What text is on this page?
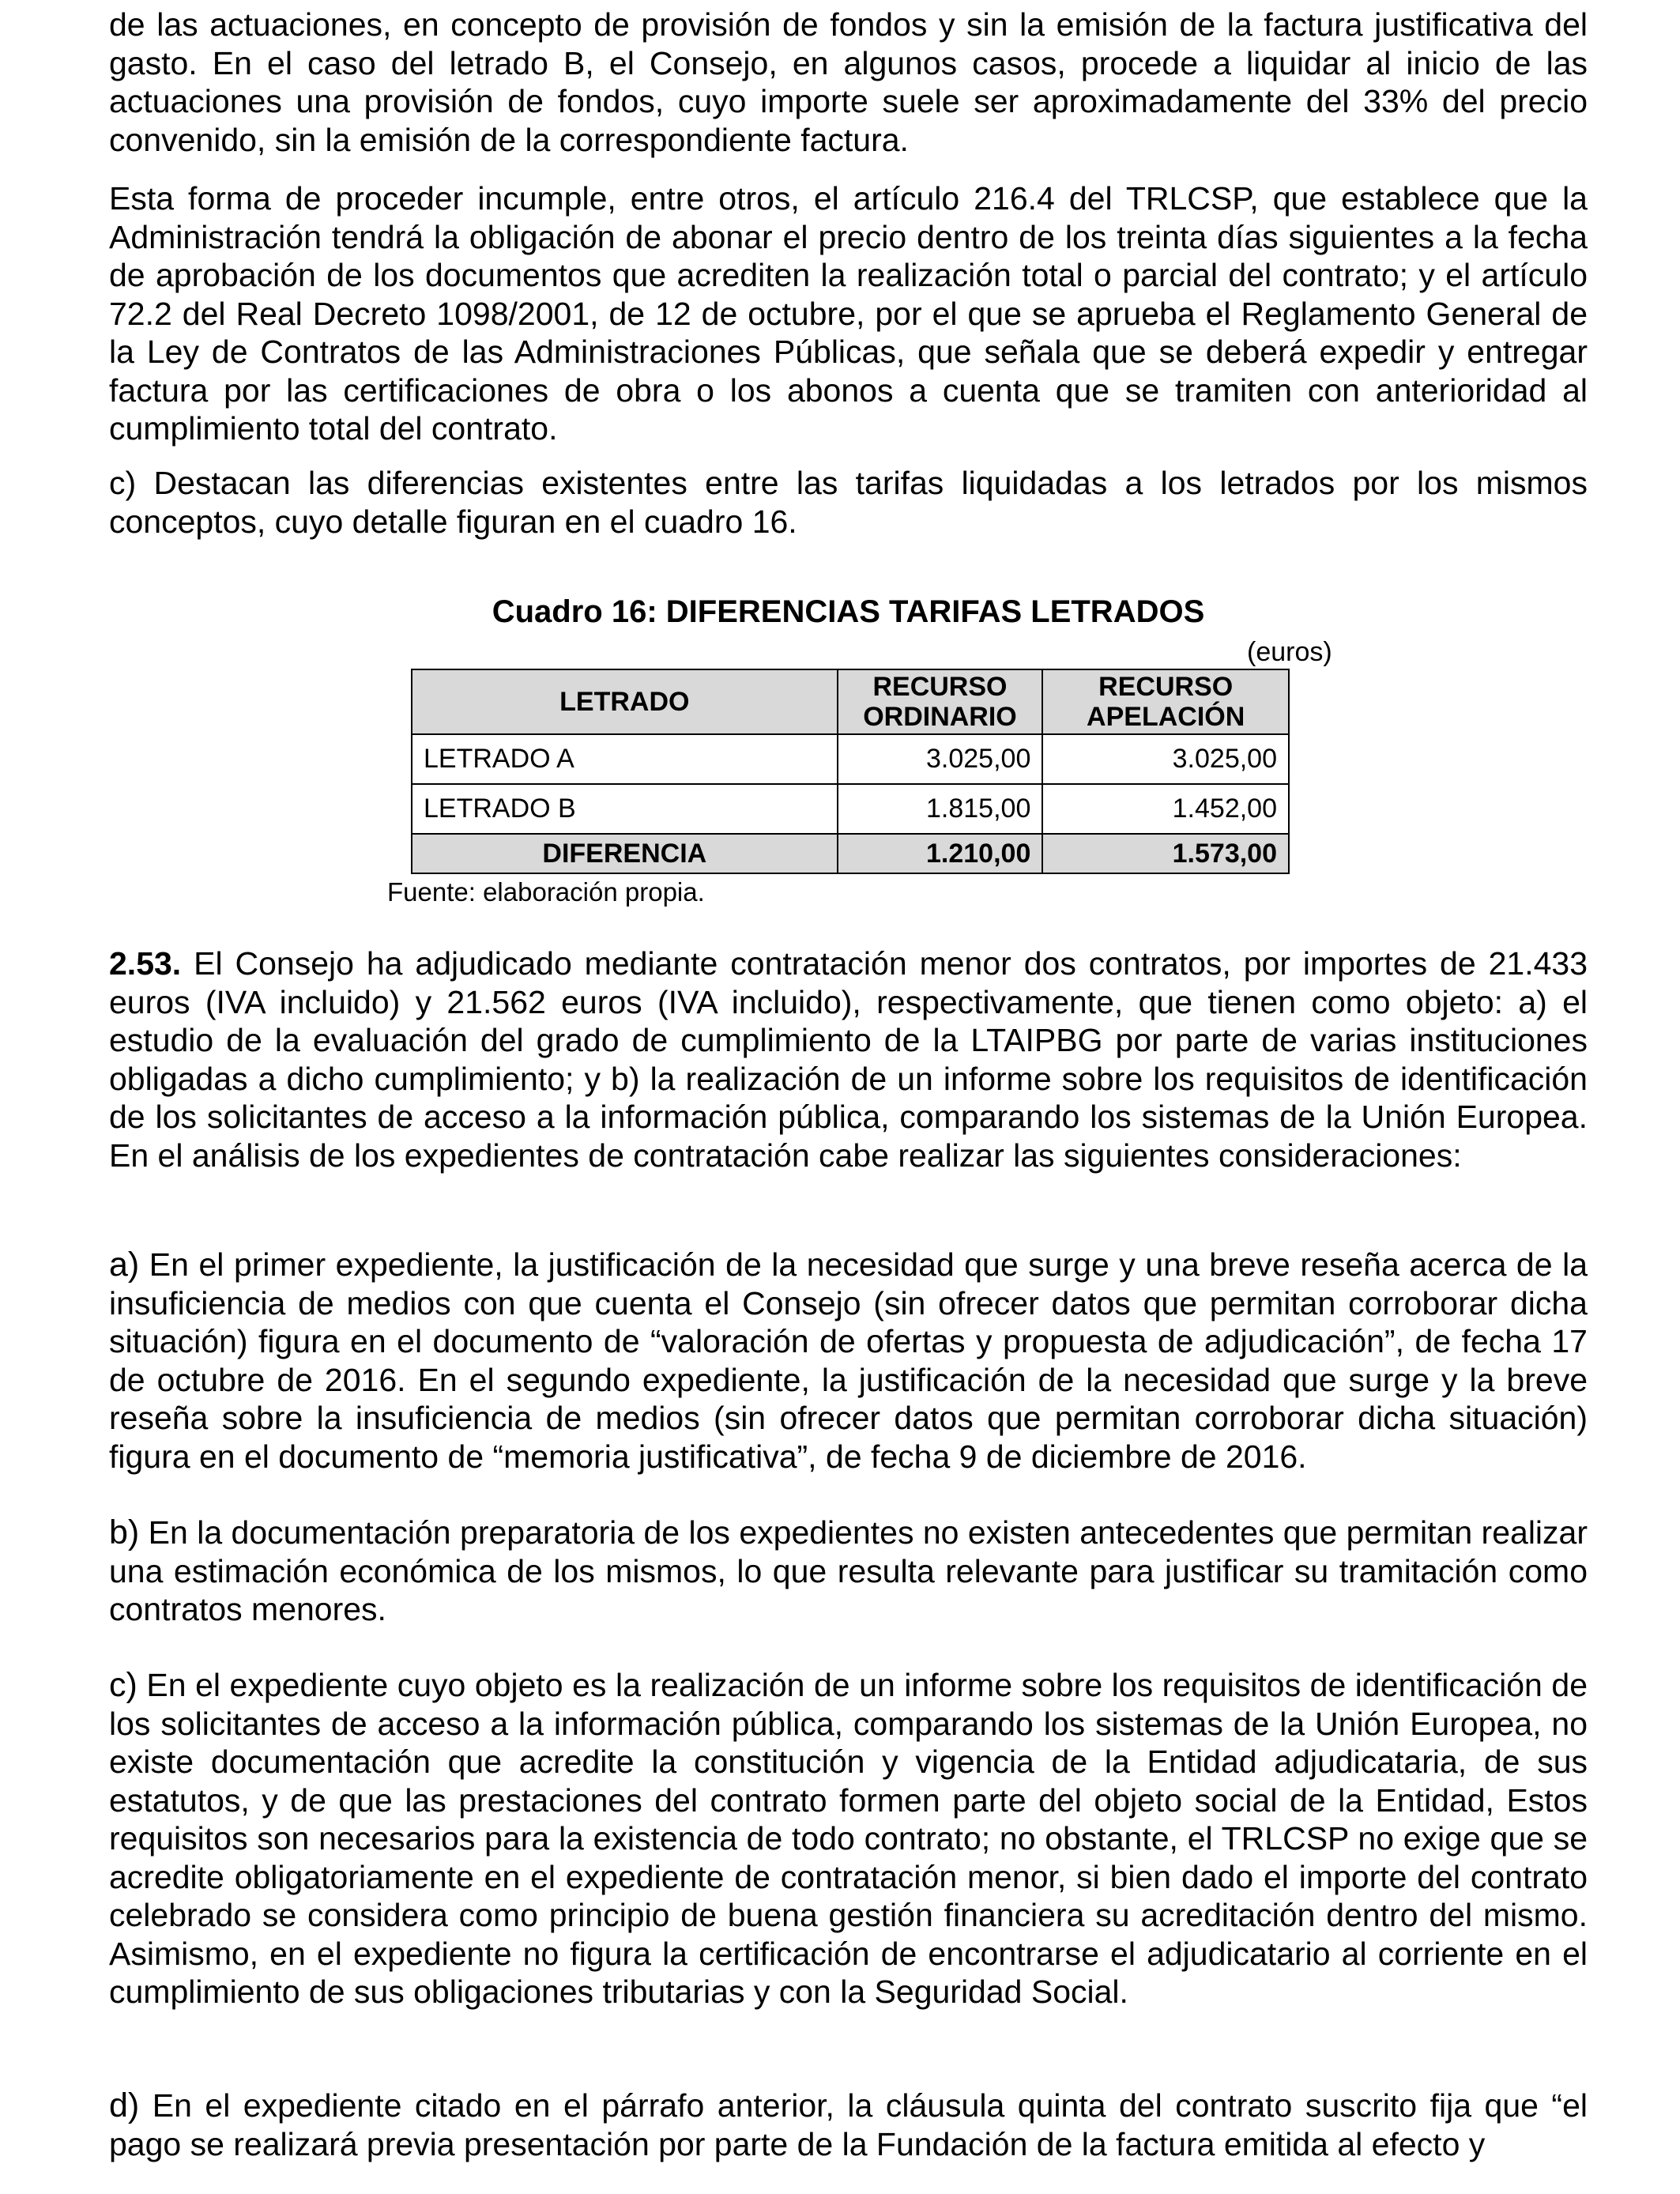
de las actuaciones, en concepto de provisión de fondos y sin la emisión de la factura justificativa del gasto. En el caso del letrado B, el Consejo, en algunos casos, procede a liquidar al inicio de las actuaciones una provisión de fondos, cuyo importe suele ser aproximadamente del 33% del precio convenido, sin la emisión de la correspondiente factura.

Esta forma de proceder incumple, entre otros, el artículo 216.4 del TRLCSP, que establece que la Administración tendrá la obligación de abonar el precio dentro de los treinta días siguientes a la fecha de aprobación de los documentos que acrediten la realización total o parcial del contrato; y el artículo 72.2 del Real Decreto 1098/2001, de 12 de octubre, por el que se aprueba el Reglamento General de la Ley de Contratos de las Administraciones Públicas, que señala que se deberá expedir y entregar factura por las certificaciones de obra o los abonos a cuenta que se tramiten con anterioridad al cumplimiento total del contrato.

c) Destacan las diferencias existentes entre las tarifas liquidadas a los letrados por los mismos conceptos, cuyo detalle figuran en el cuadro 16.

Cuadro 16: DIFERENCIAS TARIFAS LETRADOS
(euros)
LETRADO	RECURSO ORDINARIO	RECURSO APELACIÓN
LETRADO A	3.025,00	3.025,00
LETRADO B	1.815,00	1.452,00
DIFERENCIA	1.210,00	1.573,00
Fuente: elaboración propia.

2.53. El Consejo ha adjudicado mediante contratación menor dos contratos, por importes de 21.433 euros (IVA incluido) y 21.562 euros (IVA incluido), respectivamente, que tienen como objeto: a) el estudio de la evaluación del grado de cumplimiento de la LTAIPBG por parte de varias instituciones obligadas a dicho cumplimiento; y b) la realización de un informe sobre los requisitos de identificación de los solicitantes de acceso a la información pública, comparando los sistemas de la Unión Europea. En el análisis de los expedientes de contratación cabe realizar las siguientes consideraciones:

a) En el primer expediente, la justificación de la necesidad que surge y una breve reseña acerca de la insuficiencia de medios con que cuenta el Consejo (sin ofrecer datos que permitan corroborar dicha situación) figura en el documento de “valoración de ofertas y propuesta de adjudicación”, de fecha 17 de octubre de 2016. En el segundo expediente, la justificación de la necesidad que surge y la breve reseña sobre la insuficiencia de medios (sin ofrecer datos que permitan corroborar dicha situación) figura en el documento de “memoria justificativa”, de fecha 9 de diciembre de 2016.

b) En la documentación preparatoria de los expedientes no existen antecedentes que permitan realizar una estimación económica de los mismos, lo que resulta relevante para justificar su tramitación como contratos menores.

c) En el expediente cuyo objeto es la realización de un informe sobre los requisitos de identificación de los solicitantes de acceso a la información pública, comparando los sistemas de la Unión Europea, no existe documentación que acredite la constitución y vigencia de la Entidad adjudicataria, de sus estatutos, y de que las prestaciones del contrato formen parte del objeto social de la Entidad, Estos requisitos son necesarios para la existencia de todo contrato; no obstante, el TRLCSP no exige que se acredite obligatoriamente en el expediente de contratación menor, si bien dado el importe del contrato celebrado se considera como principio de buena gestión financiera su acreditación dentro del mismo. Asimismo, en el expediente no figura la certificación de encontrarse el adjudicatario al corriente en el cumplimiento de sus obligaciones tributarias y con la Seguridad Social.

d) En el expediente citado en el párrafo anterior, la cláusula quinta del contrato suscrito fija que “el pago se realizará previa presentación por parte de la Fundación de la factura emitida al efecto y
